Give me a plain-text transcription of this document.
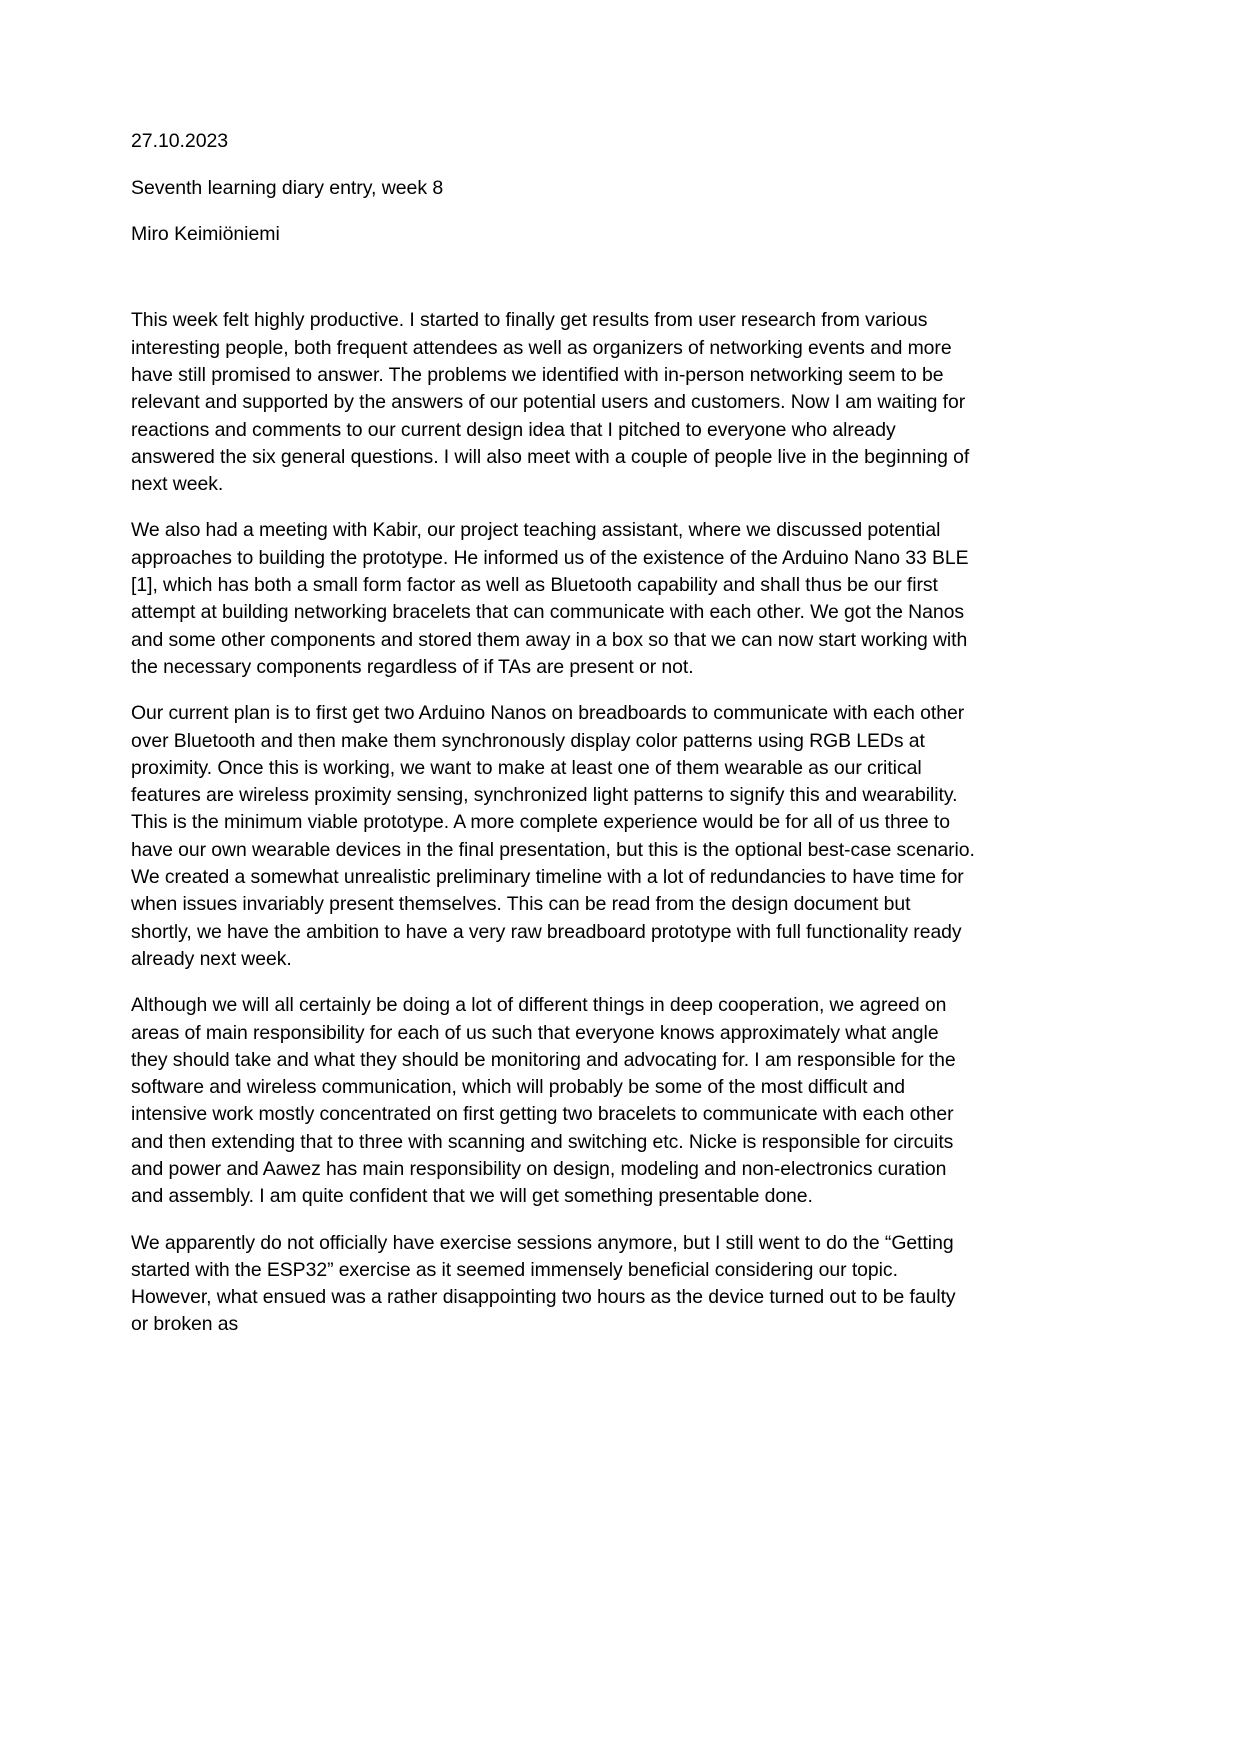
27.10.2023
Seventh learning diary entry, week 8
Miro Keimiöniemi

This week felt highly productive. I started to finally get results from user research from various interesting people, both frequent attendees as well as organizers of networking events and more have still promised to answer. The problems we identified with in-person networking seem to be relevant and supported by the answers of our potential users and customers. Now I am waiting for reactions and comments to our current design idea that I pitched to everyone who already answered the six general questions. I will also meet with a couple of people live in the beginning of next week.

We also had a meeting with Kabir, our project teaching assistant, where we discussed potential approaches to building the prototype. He informed us of the existence of the Arduino Nano 33 BLE [1], which has both a small form factor as well as Bluetooth capability and shall thus be our first attempt at building networking bracelets that can communicate with each other. We got the Nanos and some other components and stored them away in a box so that we can now start working with the necessary components regardless of if TAs are present or not.

Our current plan is to first get two Arduino Nanos on breadboards to communicate with each other over Bluetooth and then make them synchronously display color patterns using RGB LEDs at proximity. Once this is working, we want to make at least one of them wearable as our critical features are wireless proximity sensing, synchronized light patterns to signify this and wearability. This is the minimum viable prototype. A more complete experience would be for all of us three to have our own wearable devices in the final presentation, but this is the optional best-case scenario. We created a somewhat unrealistic preliminary timeline with a lot of redundancies to have time for when issues invariably present themselves. This can be read from the design document but shortly, we have the ambition to have a very raw breadboard prototype with full functionality ready already next week.

Although we will all certainly be doing a lot of different things in deep cooperation, we agreed on areas of main responsibility for each of us such that everyone knows approximately what angle they should take and what they should be monitoring and advocating for. I am responsible for the software and wireless communication, which will probably be some of the most difficult and intensive work mostly concentrated on first getting two bracelets to communicate with each other and then extending that to three with scanning and switching etc. Nicke is responsible for circuits and power and Aawez has main responsibility on design, modeling and non-electronics curation and assembly. I am quite confident that we will get something presentable done.

We apparently do not officially have exercise sessions anymore, but I still went to do the “Getting started with the ESP32” exercise as it seemed immensely beneficial considering our topic. However, what ensued was a rather disappointing two hours as the device turned out to be faulty or broken as
